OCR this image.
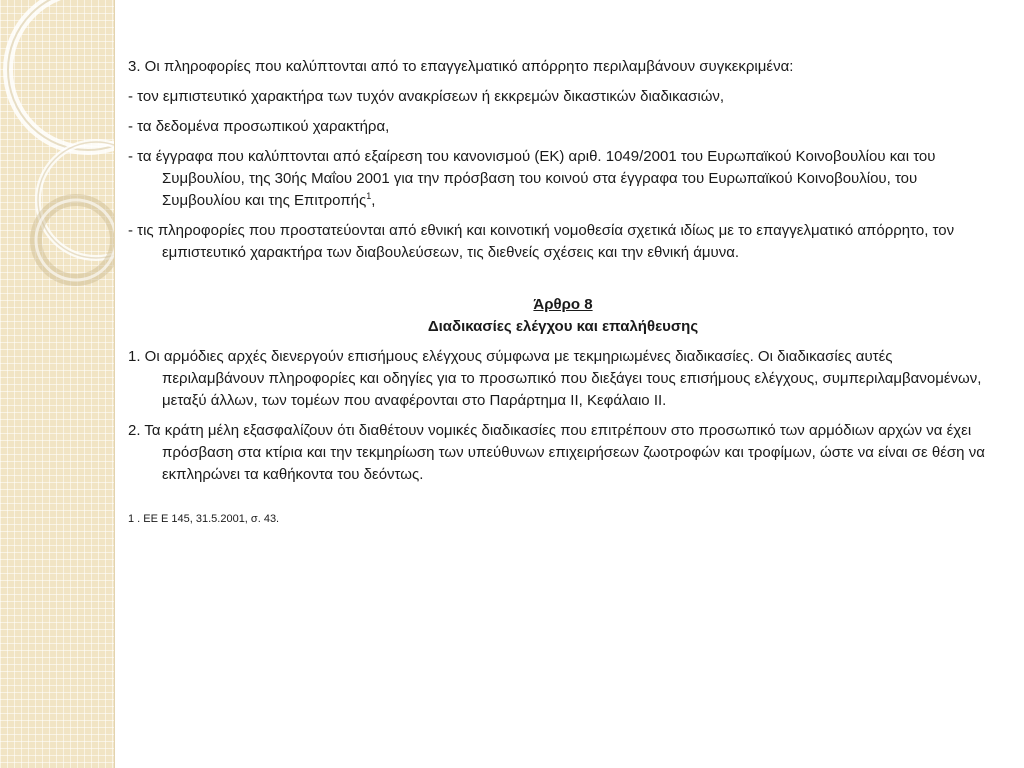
3. Οι πληροφορίες που καλύπτονται από το επαγγελματικό απόρρητο περιλαμβάνουν συγκεκριμένα:

- τον εμπιστευτικό χαρακτήρα των τυχόν ανακρίσεων ή εκκρεμών δικαστικών διαδικασιών,

- τα δεδομένα προσωπικού χαρακτήρα,

- τα έγγραφα που καλύπτονται από εξαίρεση του κανονισμού (ΕΚ) αριθ. 1049/2001 του Ευρωπαϊκού Κοινοβουλίου και του Συμβουλίου, της 30ής Μαΐου 2001 για την πρόσβαση του κοινού στα έγγραφα του Ευρωπαϊκού Κοινοβουλίου, του Συμβουλίου και της Επιτροπής$^1$,

- τις πληροφορίες που προστατεύονται από εθνική και κοινοτική νομοθεσία σχετικά ιδίως με το επαγγελματικό απόρρητο, τον εμπιστευτικό χαρακτήρα των διαβουλεύσεων, τις διεθνείς σχέσεις και την εθνική άμυνα.

Άρθρο 8

Διαδικασίες ελέγχου και επαλήθευσης

1. Οι αρμόδιες αρχές διενεργούν επισήμους ελέγχους σύμφωνα με τεκμηριωμένες διαδικασίες. Οι διαδικασίες αυτές περιλαμβάνουν πληροφορίες και οδηγίες για το προσωπικό που διεξάγει τους επισήμους ελέγχους, συμπεριλαμβανομένων, μεταξύ άλλων, των τομέων που αναφέρονται στο Παράρτημα ΙΙ, Κεφάλαιο ΙΙ.

2. Τα κράτη μέλη εξασφαλίζουν ότι διαθέτουν νομικές διαδικασίες που επιτρέπουν στο προσωπικό των αρμόδιων αρχών να έχει πρόσβαση στα κτίρια και την τεκμηρίωση των υπεύθυνων επιχειρήσεων ζωοτροφών και τροφίμων, ώστε να είναι σε θέση να εκπληρώνει τα καθήκοντα του δεόντως.

1 . ΕΕ Ε 145, 31.5.2001, σ. 43.
